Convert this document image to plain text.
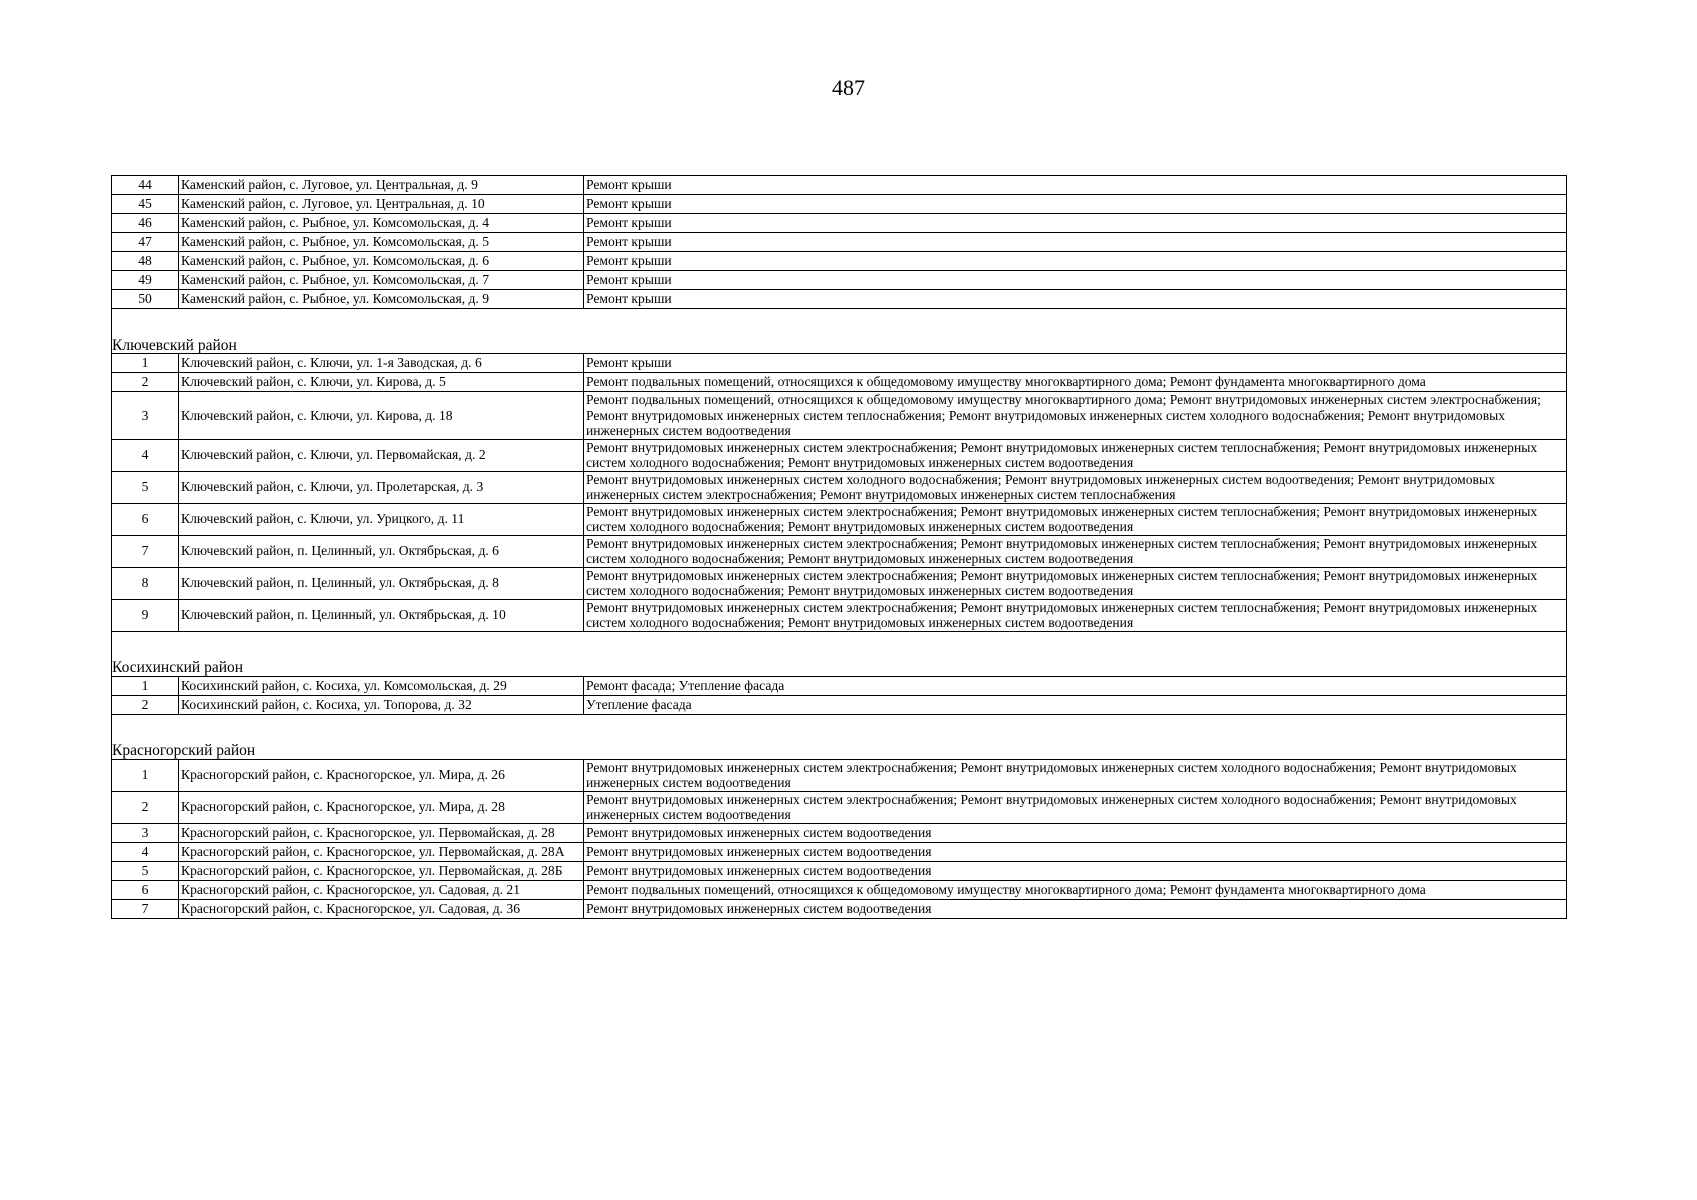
487
44	Каменский район, с. Луговое, ул. Центральная, д. 9	Ремонт крыши
45	Каменский район, с. Луговое, ул. Центральная, д. 10	Ремонт крыши
46	Каменский район, с. Рыбное, ул. Комсомольская, д. 4	Ремонт крыши
47	Каменский район, с. Рыбное, ул. Комсомольская, д. 5	Ремонт крыши
48	Каменский район, с. Рыбное, ул. Комсомольская, д. 6	Ремонт крыши
49	Каменский район, с. Рыбное, ул. Комсомольская, д. 7	Ремонт крыши
50	Каменский район, с. Рыбное, ул. Комсомольская, д. 9	Ремонт крыши

Ключевский район		
1	Ключевский район, с. Ключи, ул. 1-я Заводская, д. 6	Ремонт крыши
2	Ключевский район, с. Ключи, ул. Кирова, д. 5	Ремонт подвальных помещений, относящихся к общедомовому имуществу многоквартирного дома; Ремонт фундамента многоквартирного дома
3	Ключевский район, с. Ключи, ул. Кирова, д. 18	Ремонт подвальных помещений, относящихся к общедомовому имуществу многоквартирного дома; Ремонт внутридомовых инженерных систем электроснабжения; Ремонт внутридомовых инженерных систем теплоснабжения; Ремонт внутридомовых инженерных систем холодного водоснабжения; Ремонт внутридомовых инженерных систем водоотведения
4	Ключевский район, с. Ключи, ул. Первомайская, д. 2	Ремонт внутридомовых инженерных систем электроснабжения; Ремонт внутридомовых инженерных систем теплоснабжения; Ремонт внутридомовых инженерных систем холодного водоснабжения; Ремонт внутридомовых инженерных систем водоотведения
5	Ключевский район, с. Ключи, ул. Пролетарская, д. 3	Ремонт внутридомовых инженерных систем холодного водоснабжения; Ремонт внутридомовых инженерных систем водоотведения; Ремонт внутридомовых инженерных систем электроснабжения; Ремонт внутридомовых инженерных систем теплоснабжения
6	Ключевский район, с. Ключи, ул. Урицкого, д. 11	Ремонт внутридомовых инженерных систем электроснабжения; Ремонт внутридомовых инженерных систем теплоснабжения; Ремонт внутридомовых инженерных систем холодного водоснабжения; Ремонт внутридомовых инженерных систем водоотведения
7	Ключевский район, п. Целинный, ул. Октябрьская, д. 6	Ремонт внутридомовых инженерных систем электроснабжения; Ремонт внутридомовых инженерных систем теплоснабжения; Ремонт внутридомовых инженерных систем холодного водоснабжения; Ремонт внутридомовых инженерных систем водоотведения
8	Ключевский район, п. Целинный, ул. Октябрьская, д. 8	Ремонт внутридомовых инженерных систем электроснабжения; Ремонт внутридомовых инженерных систем теплоснабжения; Ремонт внутридомовых инженерных систем холодного водоснабжения; Ремонт внутридомовых инженерных систем водоотведения
9	Ключевский район, п. Целинный, ул. Октябрьская, д. 10	Ремонт внутридомовых инженерных систем электроснабжения; Ремонт внутридомовых инженерных систем теплоснабжения; Ремонт внутридомовых инженерных систем холодного водоснабжения; Ремонт внутридомовых инженерных систем водоотведения

Косихинский район		
1	Косихинский район, с. Косиха, ул. Комсомольская, д. 29	Ремонт фасада; Утепление фасада
2	Косихинский район, с. Косиха, ул. Топорова, д. 32	Утепление фасада

Красногорский район		
1	Красногорский район, с. Красногорское, ул. Мира, д. 26	Ремонт внутридомовых инженерных систем электроснабжения; Ремонт внутридомовых инженерных систем холодного водоснабжения; Ремонт внутридомовых инженерных систем водоотведения
2	Красногорский район, с. Красногорское, ул. Мира, д. 28	Ремонт внутридомовых инженерных систем электроснабжения; Ремонт внутридомовых инженерных систем холодного водоснабжения; Ремонт внутридомовых инженерных систем водоотведения
3	Красногорский район, с. Красногорское, ул. Первомайская, д. 28	Ремонт внутридомовых инженерных систем водоотведения
4	Красногорский район, с. Красногорское, ул. Первомайская, д. 28А	Ремонт внутридомовых инженерных систем водоотведения
5	Красногорский район, с. Красногорское, ул. Первомайская, д. 28Б	Ремонт внутридомовых инженерных систем водоотведения
6	Красногорский район, с. Красногорское, ул. Садовая, д. 21	Ремонт подвальных помещений, относящихся к общедомовому имуществу многоквартирного дома; Ремонт фундамента многоквартирного дома
7	Красногорский район, с. Красногорское, ул. Садовая, д. 36	Ремонт внутридомовых инженерных систем водоотведения
